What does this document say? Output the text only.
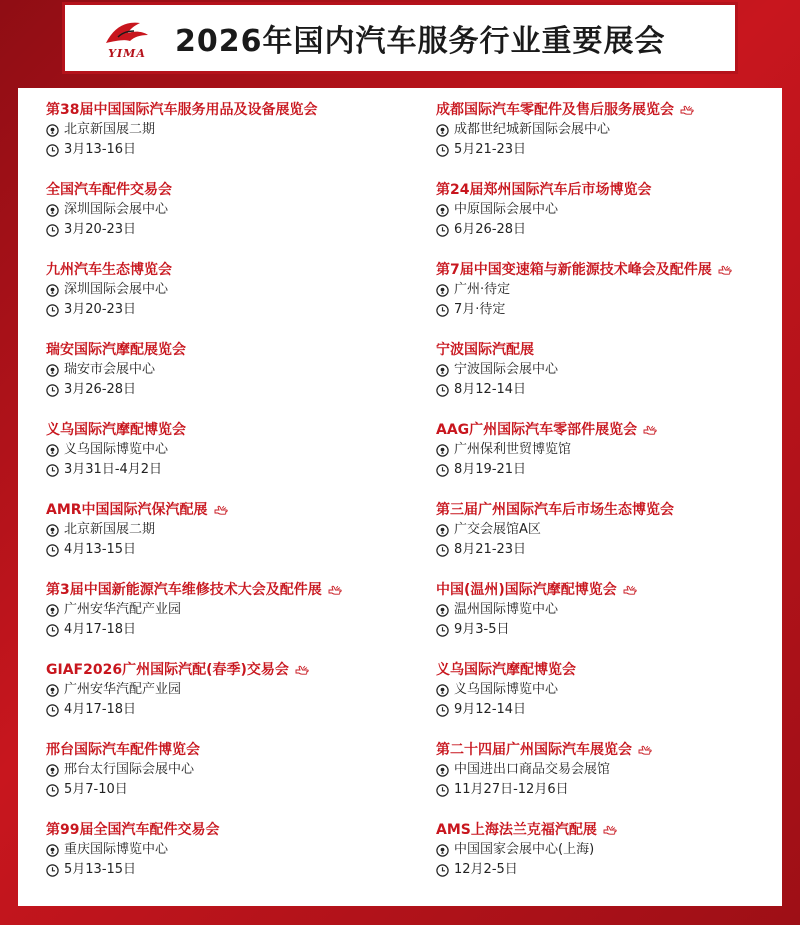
YIMA 2026年国内汽车服务行业重要展会
第38届中国国际汽车服务用品及设备展览会
北京新国展二期
3月13-16日
全国汽车配件交易会
深圳国际会展中心
3月20-23日
九州汽车生态博览会
深圳国际会展中心
3月20-23日
瑞安国际汽摩配展览会
瑞安市会展中心
3月26-28日
义乌国际汽摩配博览会
义乌国际博览中心
3月31日-4月2日
AMR中国国际汽保汽配展
北京新国展二期
4月13-15日
第3届中国新能源汽车维修技术大会及配件展
广州安华汽配产业园
4月17-18日
GIAF2026广州国际汽配(春季)交易会
广州安华汽配产业园
4月17-18日
邢台国际汽车配件博览会
邢台太行国际会展中心
5月7-10日
第99届全国汽车配件交易会
重庆国际博览中心
5月13-15日
成都国际汽车零配件及售后服务展览会
成都世纪城新国际会展中心
5月21-23日
第24届郑州国际汽车后市场博览会
中原国际会展中心
6月26-28日
第7届中国变速箱与新能源技术峰会及配件展
广州·待定
7月·待定
宁波国际汽配展
宁波国际会展中心
8月12-14日
AAG广州国际汽车零部件展览会
广州保利世贸博览馆
8月19-21日
第三届广州国际汽车后市场生态博览会
广交会展馆A区
8月21-23日
中国(温州)国际汽摩配博览会
温州国际博览中心
9月3-5日
义乌国际汽摩配博览会
义乌国际博览中心
9月12-14日
第二十四届广州国际汽车展览会
中国进出口商品交易会展馆
11月27日-12月6日
AMS上海法兰克福汽配展
中国国家会展中心(上海)
12月2-5日
